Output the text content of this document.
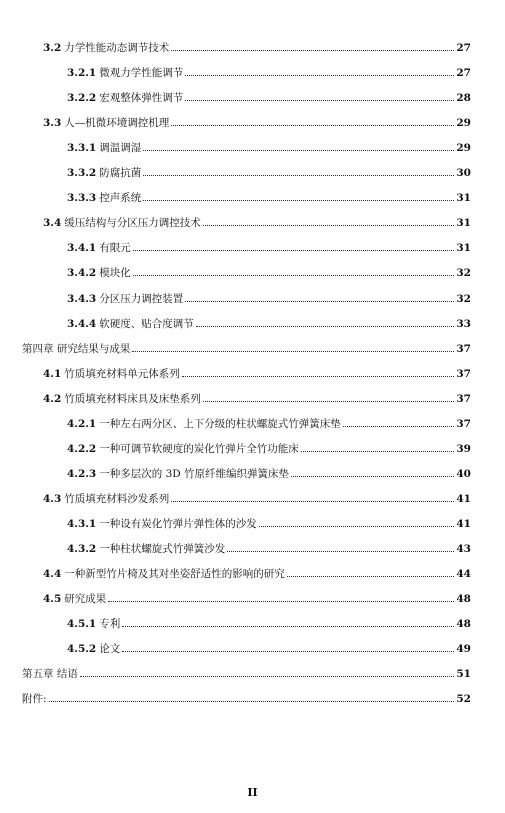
3.2 力学性能动态调节技术	27
3.2.1 微观力学性能调节	27
3.2.2 宏观整体弹性调节	28
3.3 人—机微环境调控机理	29
3.3.1 调温调湿	29
3.3.2 防腐抗菌	30
3.3.3 控声系统	31
3.4 缓压结构与分区压力调控技术	31
3.4.1 有限元	31
3.4.2 模块化	32
3.4.3 分区压力调控装置	32
3.4.4 软硬度、贴合度调节	33
第四章 研究结果与成果	37
4.1 竹质填充材料单元体系列	37
4.2 竹质填充材料床具及床垫系列	37
4.2.1 一种左右两分区、上下分级的柱状螺旋式竹弹簧床垫	37
4.2.2 一种可调节软硬度的炭化竹弹片全竹功能床	39
4.2.3 一种多层次的 3D 竹原纤维编织弹簧床垫	40
4.3 竹质填充材料沙发系列	41
4.3.1 一种设有炭化竹弹片弹性体的沙发	41
4.3.2 一种柱状螺旋式竹弹簧沙发	43
4.4 一种新型竹片椅及其对坐姿舒适性的影响的研究	44
4.5 研究成果	48
4.5.1 专利	48
4.5.2 论文	49
第五章 结语	51
附件:	52
II
